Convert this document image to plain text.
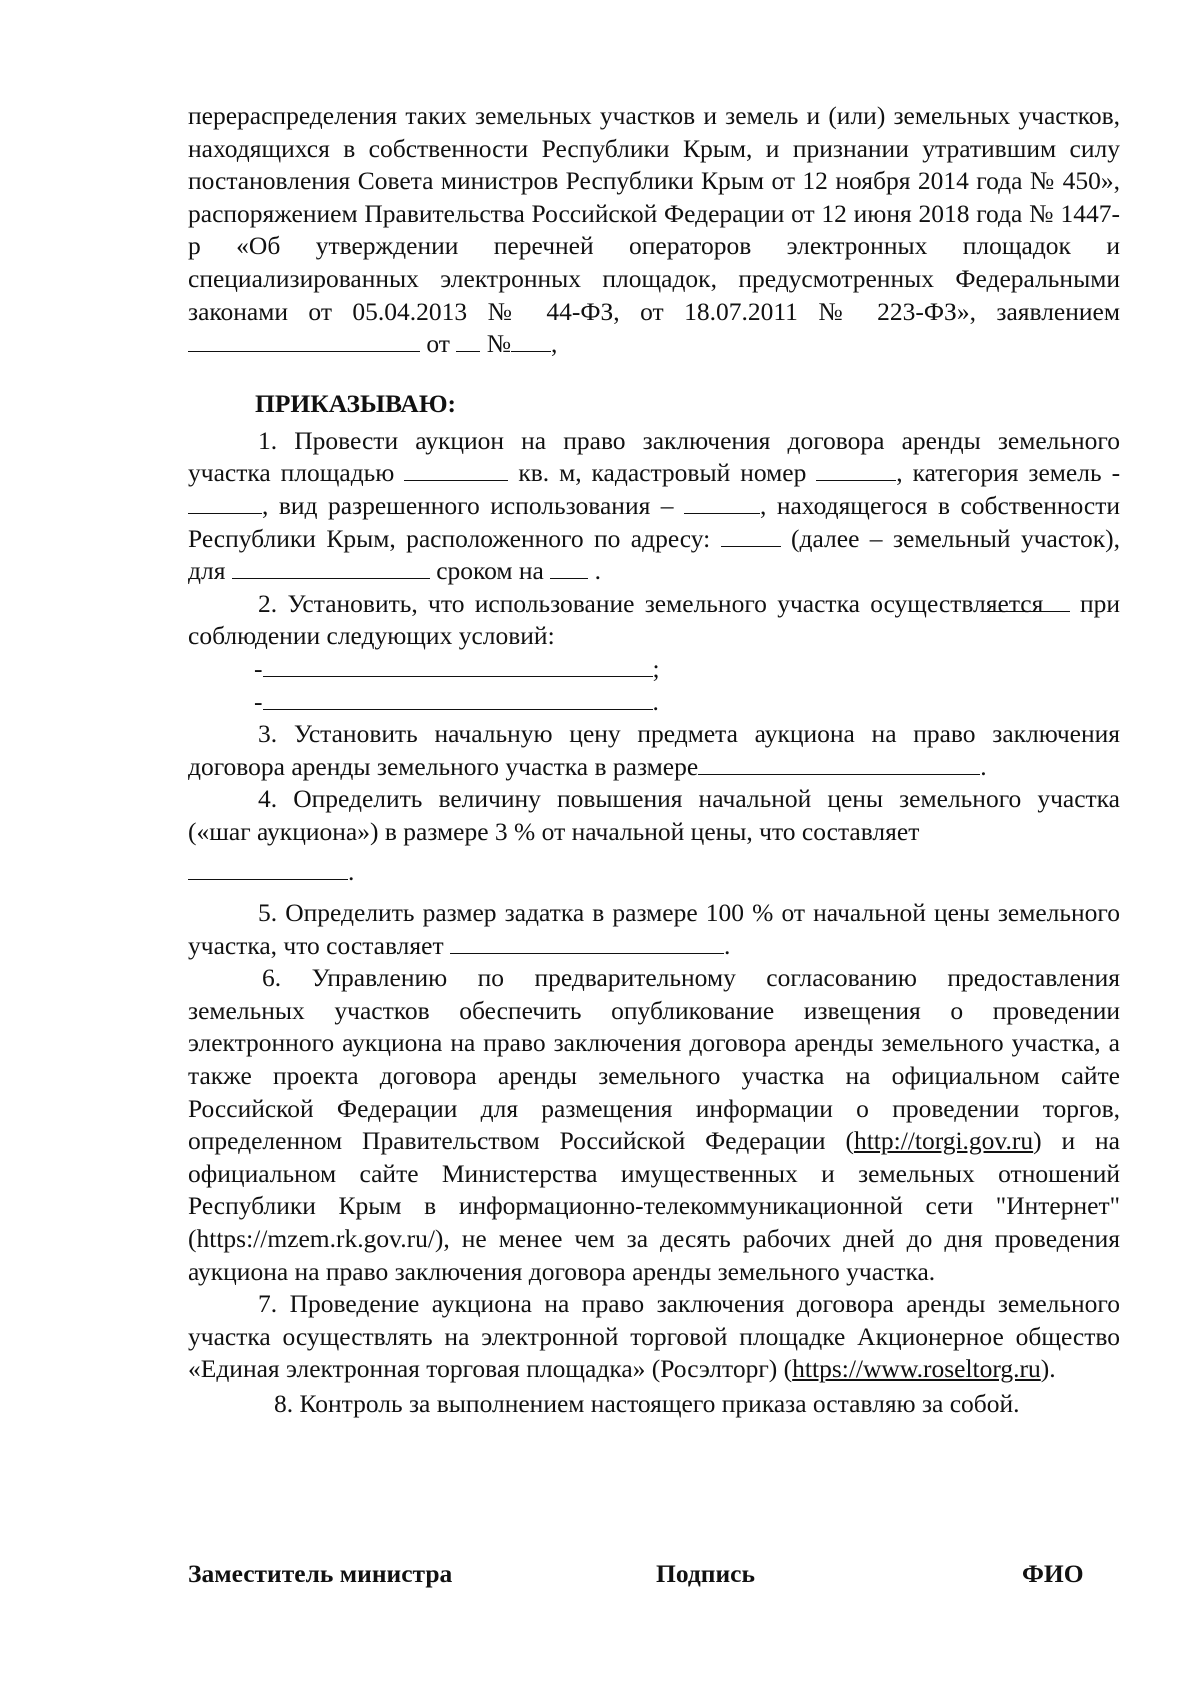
перераспределения таких земельных участков и земель и (или) земельных участков, находящихся в собственности Республики Крым, и признании утратившим силу постановления Совета министров Республики Крым от 12 ноября 2014 года № 450», распоряжением Правительства Российской Федерации от 12 июня 2018 года № 1447-р «Об утверждении перечней операторов электронных площадок и специализированных электронных площадок, предусмотренных Федеральными законами от 05.04.2013 № 44-ФЗ, от 18.07.2011 № 223-ФЗ», заявлением  от № ,

ПРИКАЗЫВАЮ:

1. Провести аукцион на право заключения договора аренды земельного участка площадью	кв. м, кадастровый номер	, категория земель - , вид разрешенного использования –	, находящегося в собственности Республики Крым, расположенного по адресу:	(далее – земельный участок), для	сроком на .

2. Установить, что использование земельного участка осуществляется при соблюдении следующих условий:

-	;
-	.

3. Установить начальную цену предмета аукциона на право заключения договора аренды земельного участка в размере	.

4. Определить величину повышения начальной цены земельного участка («шаг аукциона») в размере 3 % от начальной цены, что составляет

.

5. Определить размер задатка в размере 100 % от начальной цены земельного участка, что составляет	.

6. Управлению по предварительному согласованию предоставления земельных участков обеспечить опубликование извещения о проведении электронного аукциона на право заключения договора аренды земельного участка, а также проекта договора аренды земельного участка на официальном сайте Российской Федерации для размещения информации о проведении торгов, определенном Правительством Российской Федерации (http://torgi.gov.ru) и на официальном сайте Министерства имущественных и земельных отношений Республики Крым в информационно-телекоммуникационной сети "Интернет" (https://mzem.rk.gov.ru/), не менее чем за десять рабочих дней до дня проведения аукциона на право заключения договора аренды земельного участка.

7. Проведение аукциона на право заключения договора аренды земельного участка осуществлять на электронной торговой площадке Акционерное общество «Единая электронная торговая площадка» (Росэлторг) (https://www.roseltorg.ru).

8. Контроль за выполнением настоящего приказа оставляю за собой.

Заместитель министра	Подпись	ФИО
